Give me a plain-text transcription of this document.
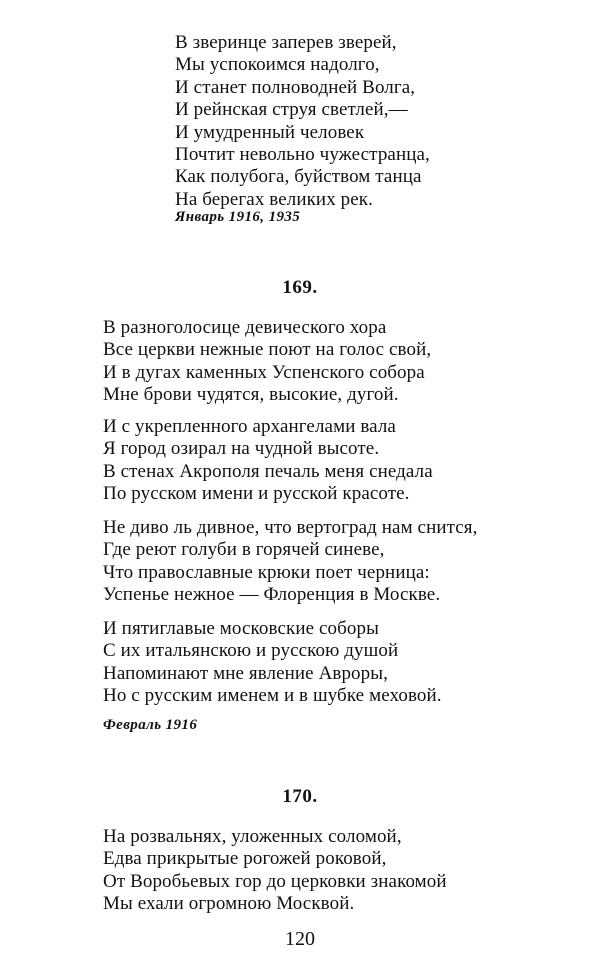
В зверинце заперев зверей,
Мы успокоимся надолго,
И станет полноводней Волга,
И рейнская струя светлей,—
И умудренный человек
Почтит невольно чужестранца,
Как полубога, буйством танца
На берегах великих рек.
Январь 1916, 1935
169.
В разноголосице девического хора
Все церкви нежные поют на голос свой,
И в дугах каменных Успенского собора
Мне брови чудятся, высокие, дугой.
И с укрепленного архангелами вала
Я город озирал на чудной высоте.
В стенах Акрополя печаль меня снедала
По русском имени и русской красоте.
Не диво ль дивное, что вертоград нам снится,
Где реют голуби в горячей синеве,
Что православные крюки поет черница:
Успенье нежное — Флоренция в Москве.
И пятиглавые московские соборы
С их итальянскою и русскою душой
Напоминают мне явление Авроры,
Но с русским именем и в шубке меховой.
Февраль 1916
170.
На розвальнях, уложенных соломой,
Едва прикрытые рогожей роковой,
От Воробьевых гор до церковки знакомой
Мы ехали огромною Москвой.
120
